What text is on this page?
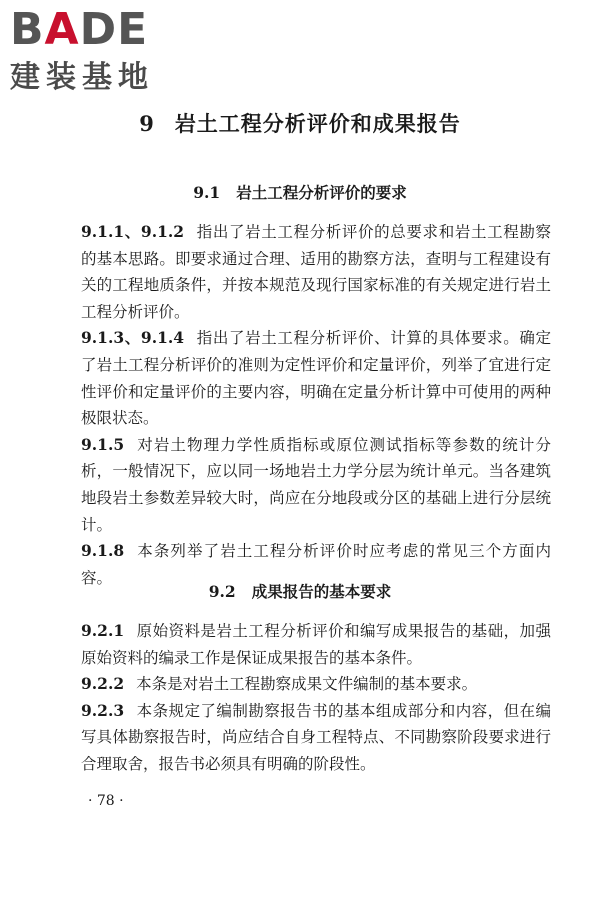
BADE
建装基地
9 岩土工程分析评价和成果报告
9.1 岩土工程分析评价的要求

9.1.1、9.1.2 指出了岩土工程分析评价的总要求和岩土工程勘察的基本思路。即要求通过合理、适用的勘察方法，查明与工程建设有关的工程地质条件，并按本规范及现行国家标准的有关规定进行岩土工程分析评价。

9.1.3、9.1.4 指出了岩土工程分析评价、计算的具体要求。确定了岩土工程分析评价的准则为定性评价和定量评价，列举了宜进行定性评价和定量评价的主要内容，明确在定量分析计算中可使用的两种极限状态。

9.1.5 对岩土物理力学性质指标或原位测试指标等参数的统计分析，一般情况下，应以同一场地岩土力学分层为统计单元。当各建筑地段岩土参数差异较大时，尚应在分地段或分区的基础上进行分层统计。

9.1.8 本条列举了岩土工程分析评价时应考虑的常见三个方面内容。

9.2 成果报告的基本要求

9.2.1 原始资料是岩土工程分析评价和编写成果报告的基础，加强原始资料的编录工作是保证成果报告的基本条件。

9.2.2 本条是对岩土工程勘察成果文件编制的基本要求。

9.2.3 本条规定了编制勘察报告书的基本组成部分和内容，但在编写具体勘察报告时，尚应结合自身工程特点、不同勘察阶段要求进行合理取舍，报告书必须具有明确的阶段性。

· 78 ·
